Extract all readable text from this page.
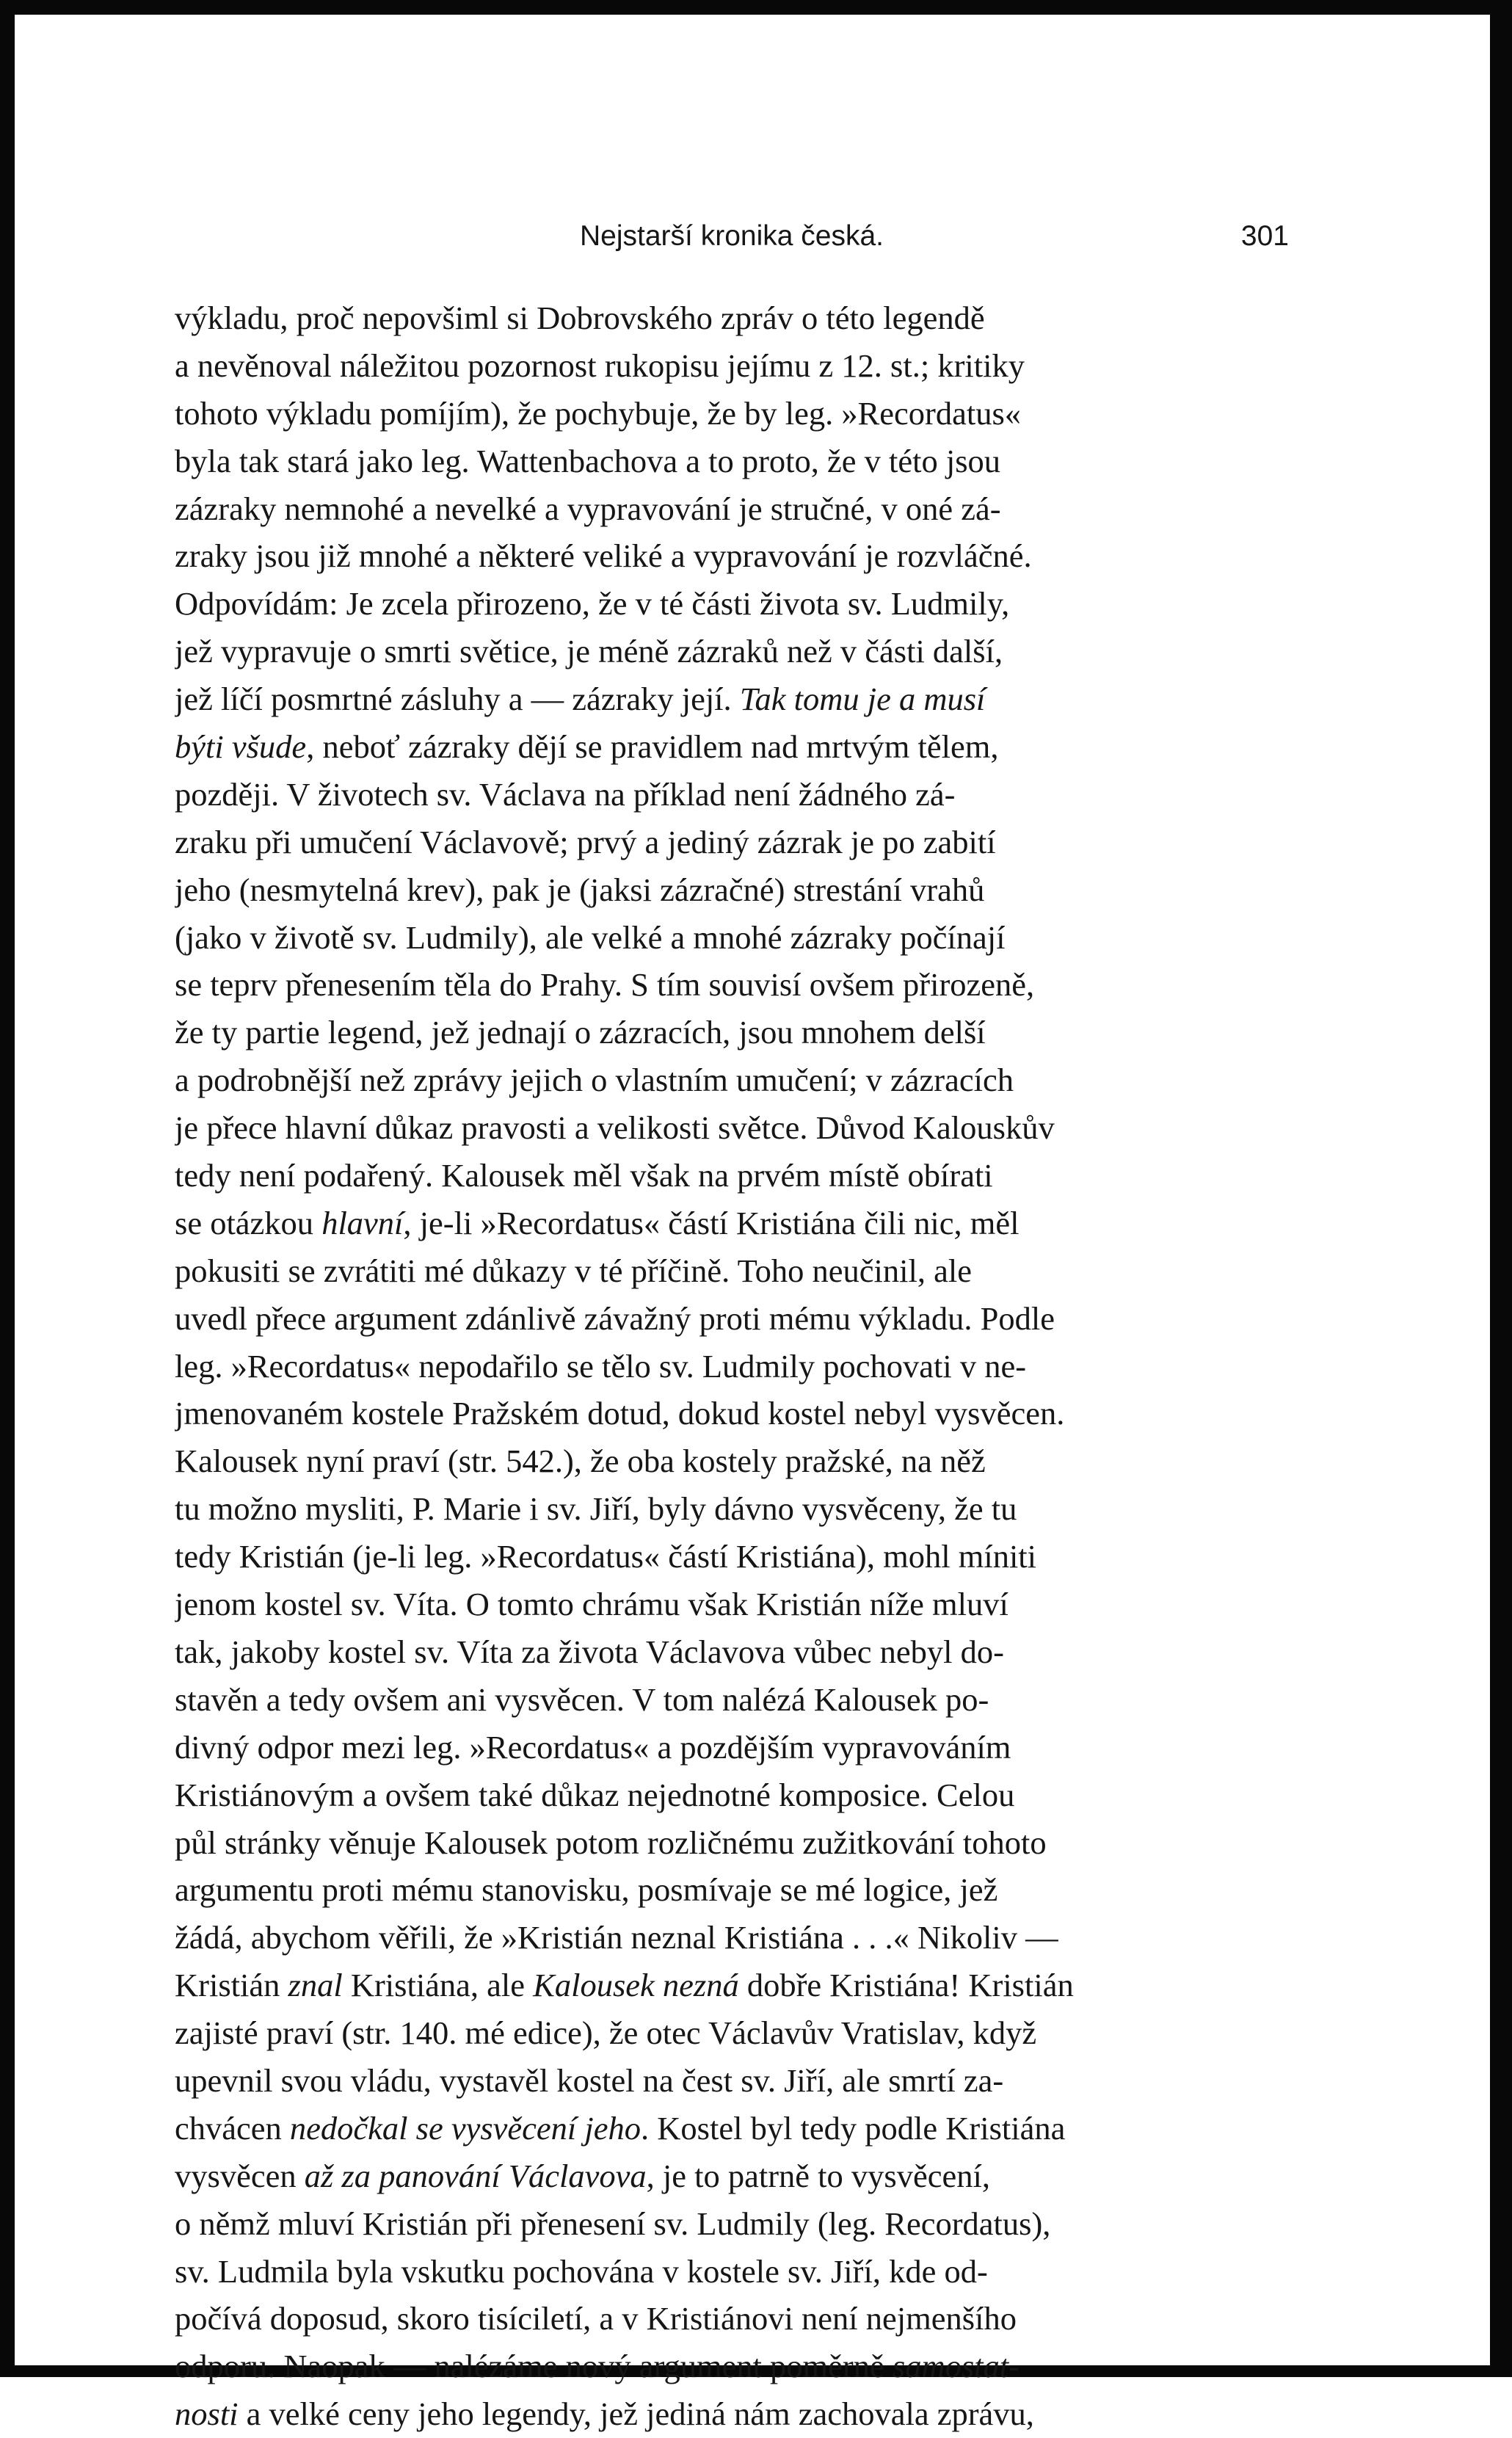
Nejstarší kronika česká.	301
výkladu, proč nepovšiml si Dobrovského zpráv o této legendě
a nevěnoval náležitou pozornost rukopisu jejímu z 12. st.; kritiky
tohoto výkladu pomíjím), že pochybuje, že by leg. »Recordatus«
byla tak stará jako leg. Wattenbachova a to proto, že v této jsou
zázraky nemnohé a nevelké a vypravování je stručné, v oné zá-
zraky jsou již mnohé a některé veliké a vypravování je rozvláčné.
Odpovídám: Je zcela přirozeno, že v té části života sv. Ludmily,
jež vypravuje o smrti světice, je méně zázraků než v části další,
jež líčí posmrtné zásluhy a — zázraky její. Tak tomu je a musí
býti všude, neboť zázraky dějí se pravidlem nad mrtvým tělem,
později. V životech sv. Václava na příklad není žádného zá-
zraku při umučení Václavově; prvý a jediný zázrak je po zabití
jeho (nesmytelná krev), pak je (jaksi zázračné) strestání vrahů
(jako v životě sv. Ludmily), ale velké a mnohé zázraky počínají
se teprv přenesením těla do Prahy. S tím souvisí ovšem přirozeně,
že ty partie legend, jež jednají o zázracích, jsou mnohem delší
a podrobnější než zprávy jejich o vlastním umučení; v zázracích
je přece hlavní důkaz pravosti a velikosti světce. Důvod Kalouskův
tedy není podařený. Kalousek měl však na prvém místě obírati
se otázkou hlavní, je-li »Recordatus« částí Kristiána čili nic, měl
pokusiti se zvrátiti mé důkazy v té příčině. Toho neučinil, ale
uvedl přece argument zdánlivě závažný proti mému výkladu. Podle
leg. »Recordatus« nepodařilo se tělo sv. Ludmily pochovati v ne-
jmenovaném kostele Pražském dotud, dokud kostel nebyl vysvěcen.
Kalousek nyní praví (str. 542.), že oba kostely pražské, na něž
tu možno mysliti, P. Marie i sv. Jiří, byly dávno vysvěceny, že tu
tedy Kristián (je-li leg. »Recordatus« částí Kristiána), mohl míniti
jenom kostel sv. Víta. O tomto chrámu však Kristián níže mluví
tak, jakoby kostel sv. Víta za života Václavova vůbec nebyl do-
stavěn a tedy ovšem ani vysvěcen. V tom nalézá Kalousek po-
divný odpor mezi leg. »Recordatus« a pozdějším vypravováním
Kristiánovým a ovšem také důkaz nejednotné komposice. Celou
půl stránky věnuje Kalousek potom rozličnému zužitkování tohoto
argumentu proti mému stanovisku, posmívaje se mé logice, jež
žádá, abychom věřili, že »Kristián neznal Kristiána . . .« Nikoliv —
Kristián znal Kristiána, ale Kalousek nezná dobře Kristiána! Kristián
zajisté praví (str. 140. mé edice), že otec Václavův Vratislav, když
upevnil svou vládu, vystavěl kostel na čest sv. Jiří, ale smrtí za-
chvácen nedočkal se vysvěcení jeho. Kostel byl tedy podle Kristiána
vysvěcen až za panování Václavova, je to patrně to vysvěcení,
o němž mluví Kristián při přenesení sv. Ludmily (leg. Recordatus),
sv. Ludmila byla vskutku pochována v kostele sv. Jiří, kde od-
počívá doposud, skoro tisíciletí, a v Kristiánovi není nejmenšího
odporu. Naopak — nalézáme nový argument poměrně samostat-
nosti a velké ceny jeho legendy, jež jediná nám zachovala zprávu,
